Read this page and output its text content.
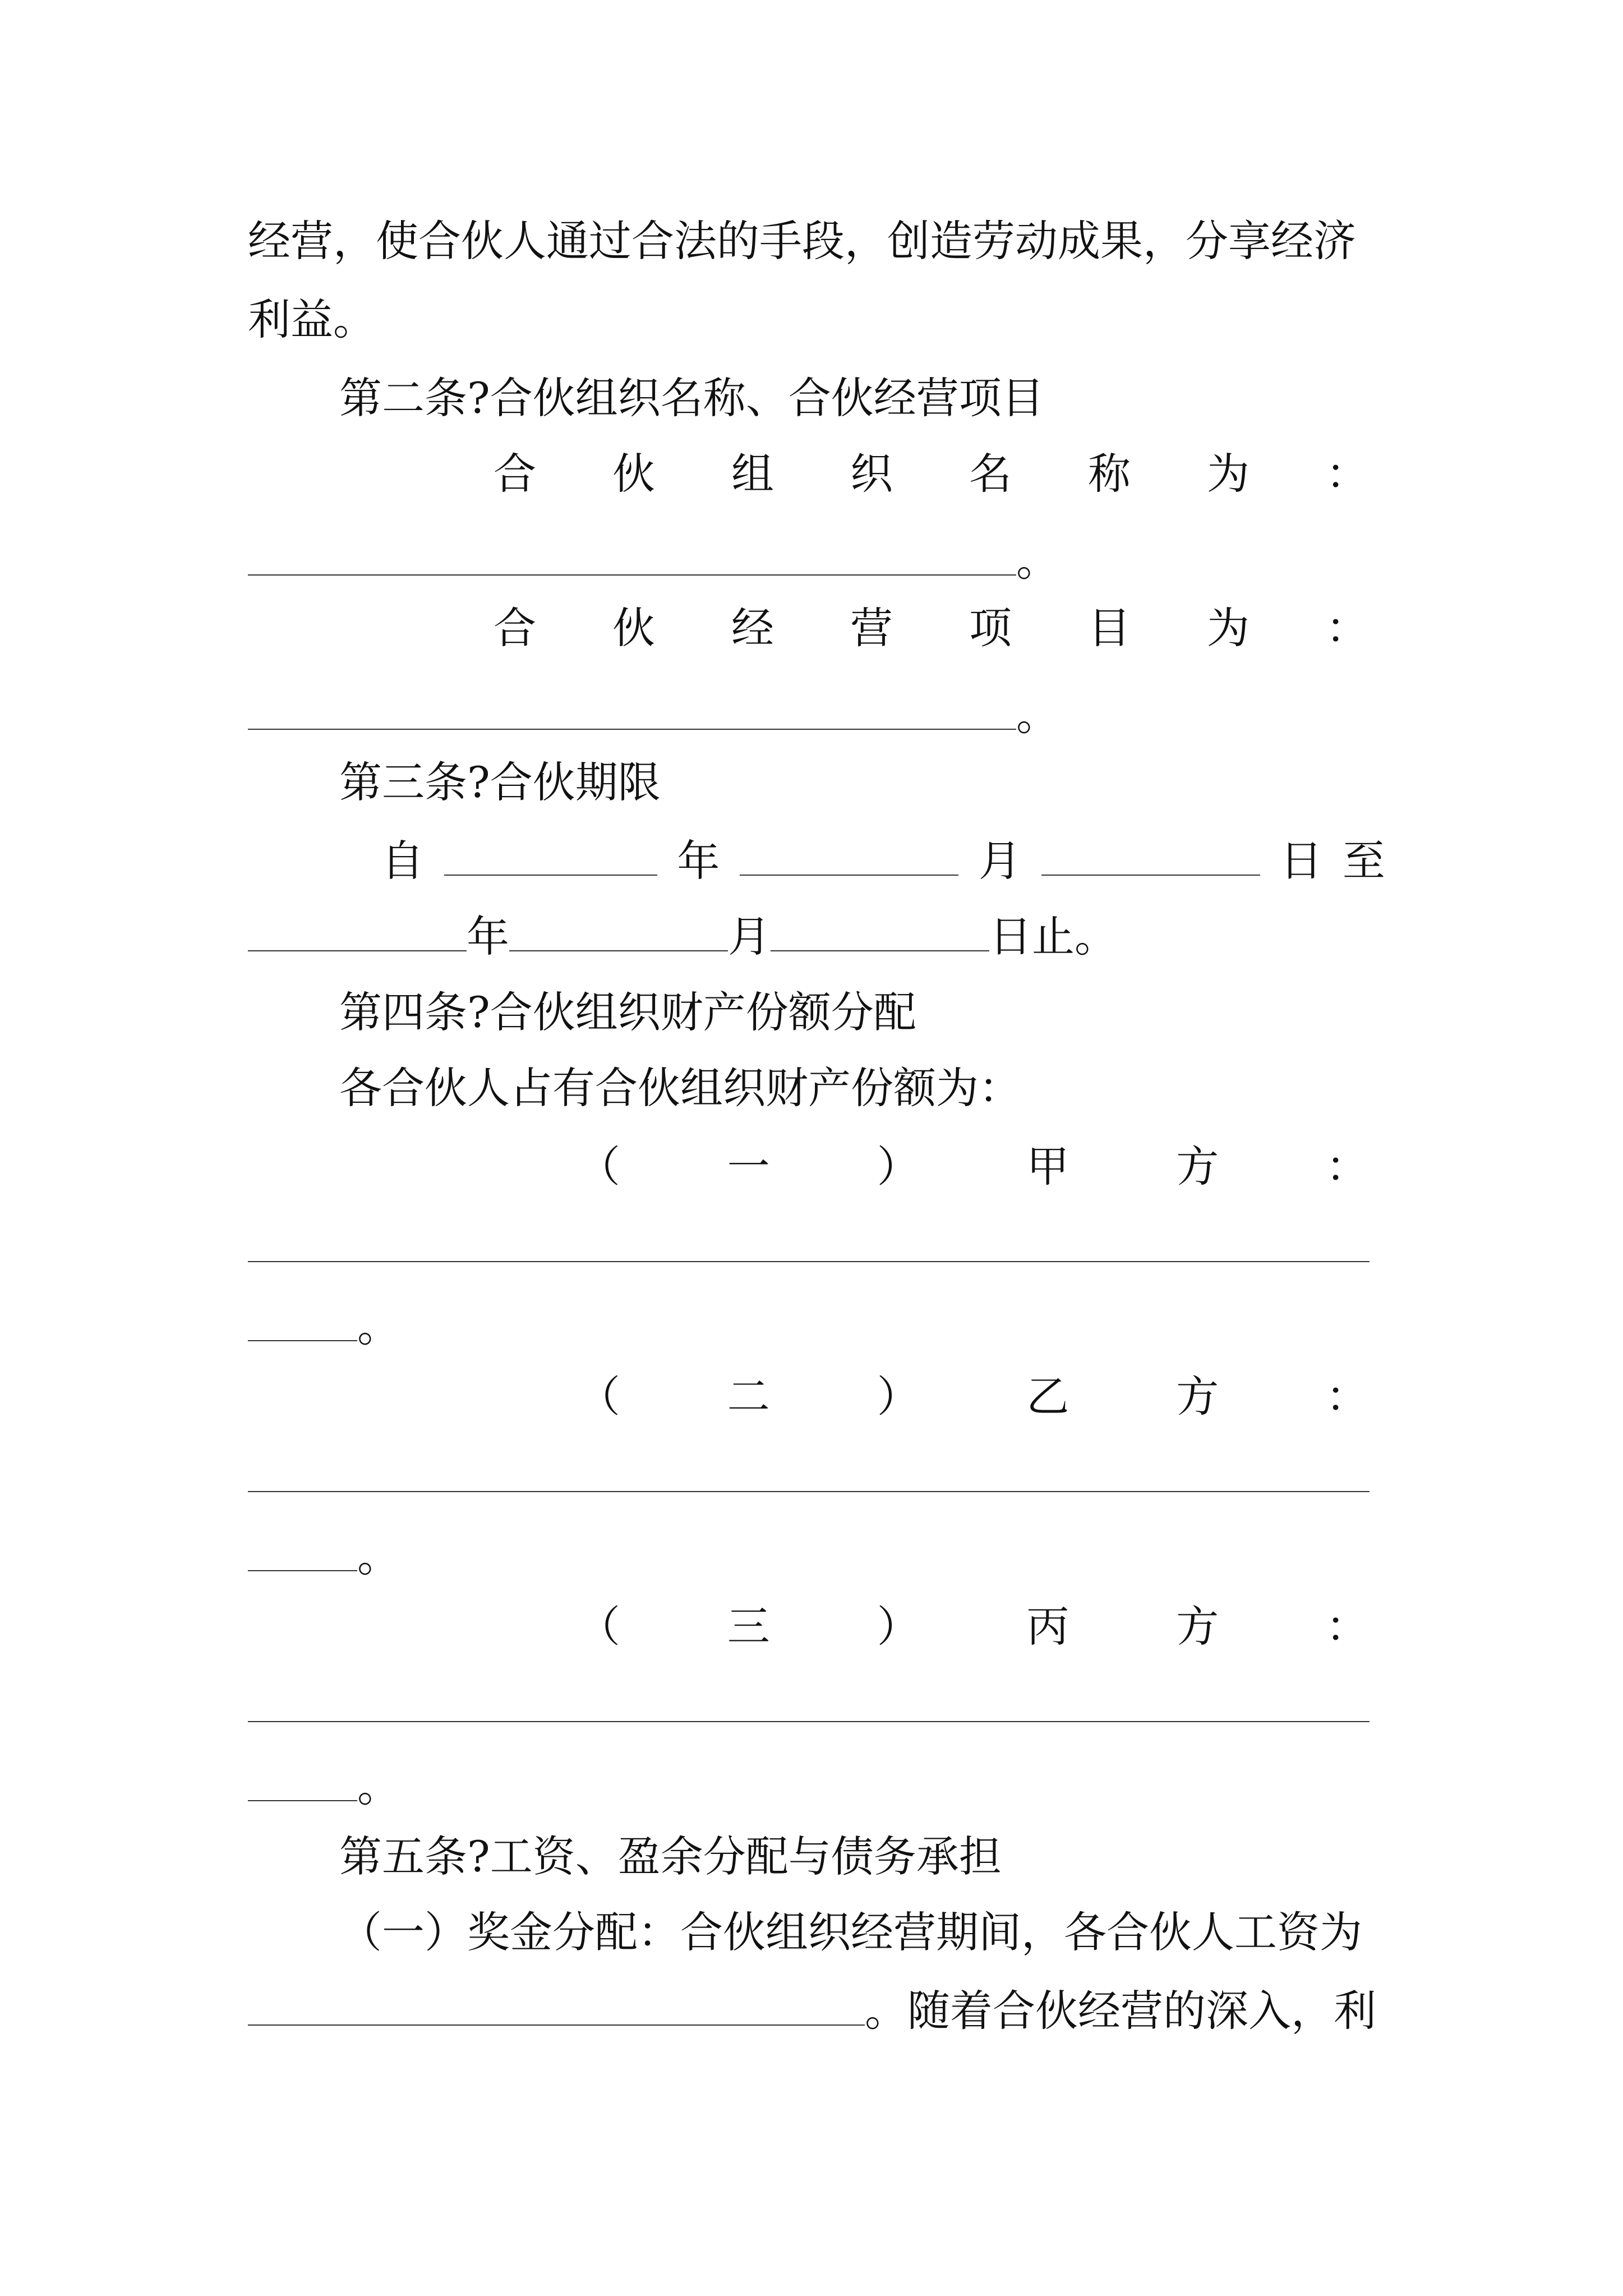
经营，使合伙人通过合法的手段，创造劳动成果，分享经济
利益。
第二条?合伙组织名称、合伙经营项目
合 伙 组 织 名 称 为 ：
。
合 伙 经 营 项 目 为 ：
。
第三条?合伙期限
自	年	月	日 至
年	月	日止。
第四条?合伙组织财产份额分配
各合伙人占有合伙组织财产份额为：
（	一	）	甲	方	：
。
（	二	）	乙	方	：
。
（	三	）	丙	方	：
。
第五条?工资、盈余分配与债务承担
（一）奖金分配：合伙组织经营期间，各合伙人工资为
。随着合伙经营的深入，利
